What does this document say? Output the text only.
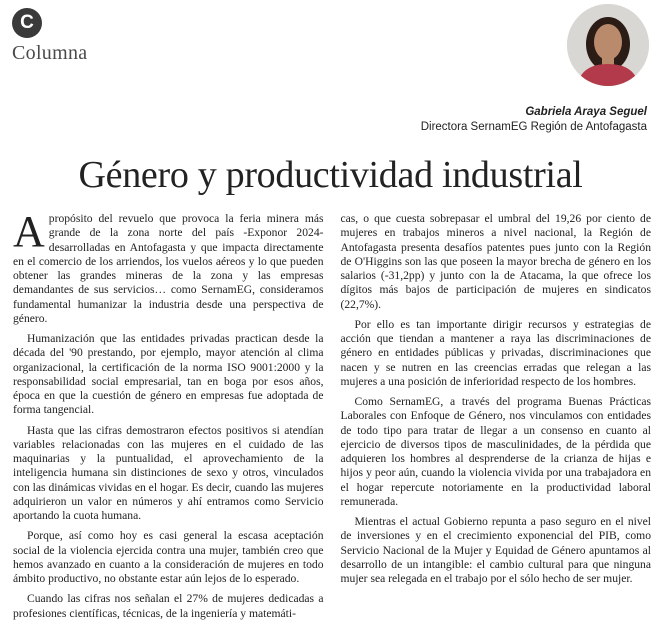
C
Columna
Gabriela Araya Seguel
Directora SernamEG Región de Antofagasta
Género y productividad industrial

Apropósito del revuelo que provoca la feria minera más grande de la zona norte del país -Exponor 2024- desarrolladas en Antofagasta y que impacta directamente en el comercio de los arriendos, los vuelos aéreos y lo que pueden obtener las grandes mineras de la zona y las empresas demandantes de sus servicios… como SernamEG, consideramos fundamental humanizar la industria desde una perspectiva de género.

Humanización que las entidades privadas practican desde la década del '90 prestando, por ejemplo, mayor atención al clima organizacional, la certificación de la norma ISO 9001:2000 y la responsabilidad social empresarial, tan en boga por esos años, época en que la cuestión de género en empresas fue adoptada de forma tangencial.

Hasta que las cifras demostraron efectos positivos si atendían variables relacionadas con las mujeres en el cuidado de las maquinarias y la puntualidad, el aprovechamiento de la inteligencia humana sin distinciones de sexo y otros, vinculados con las dinámicas vividas en el hogar. Es decir, cuando las mujeres adquirieron un valor en números y ahí entramos como Servicio aportando la cuota humana.

Porque, así como hoy es casi general la escasa aceptación social de la violencia ejercida contra una mujer, también creo que hemos avanzado en cuanto a la consideración de mujeres en todo ámbito productivo, no obstante estar aún lejos de lo esperado.

Cuando las cifras nos señalan el 27% de mujeres dedicadas a profesiones científicas, técnicas, de la ingeniería y matemáti-

cas, o que cuesta sobrepasar el umbral del 19,26 por ciento de mujeres en trabajos mineros a nivel nacional, la Región de Antofagasta presenta desafíos patentes pues junto con la Región de O'Higgins son las que poseen la mayor brecha de género en los salarios (-31,2pp) y junto con la de Atacama, la que ofrece los dígitos más bajos de participación de mujeres en sindicatos (22,7%).

Por ello es tan importante dirigir recursos y estrategias de acción que tiendan a mantener a raya las discriminaciones de género en entidades públicas y privadas, discriminaciones que nacen y se nutren en las creencias erradas que relegan a las mujeres a una posición de inferioridad respecto de los hombres.

Como SernamEG, a través del programa Buenas Prácticas Laborales con Enfoque de Género, nos vinculamos con entidades de todo tipo para tratar de llegar a un consenso en cuanto al ejercicio de diversos tipos de masculinidades, de la pérdida que adquieren los hombres al desprenderse de la crianza de hijas e hijos y peor aún, cuando la violencia vivida por una trabajadora en el hogar repercute notoriamente en la productividad laboral remunerada.

Mientras el actual Gobierno repunta a paso seguro en el nivel de inversiones y en el crecimiento exponencial del PIB, como Servicio Nacional de la Mujer y Equidad de Género apuntamos al desarrollo de un intangible: el cambio cultural para que ninguna mujer sea relegada en el trabajo por el sólo hecho de ser mujer.
